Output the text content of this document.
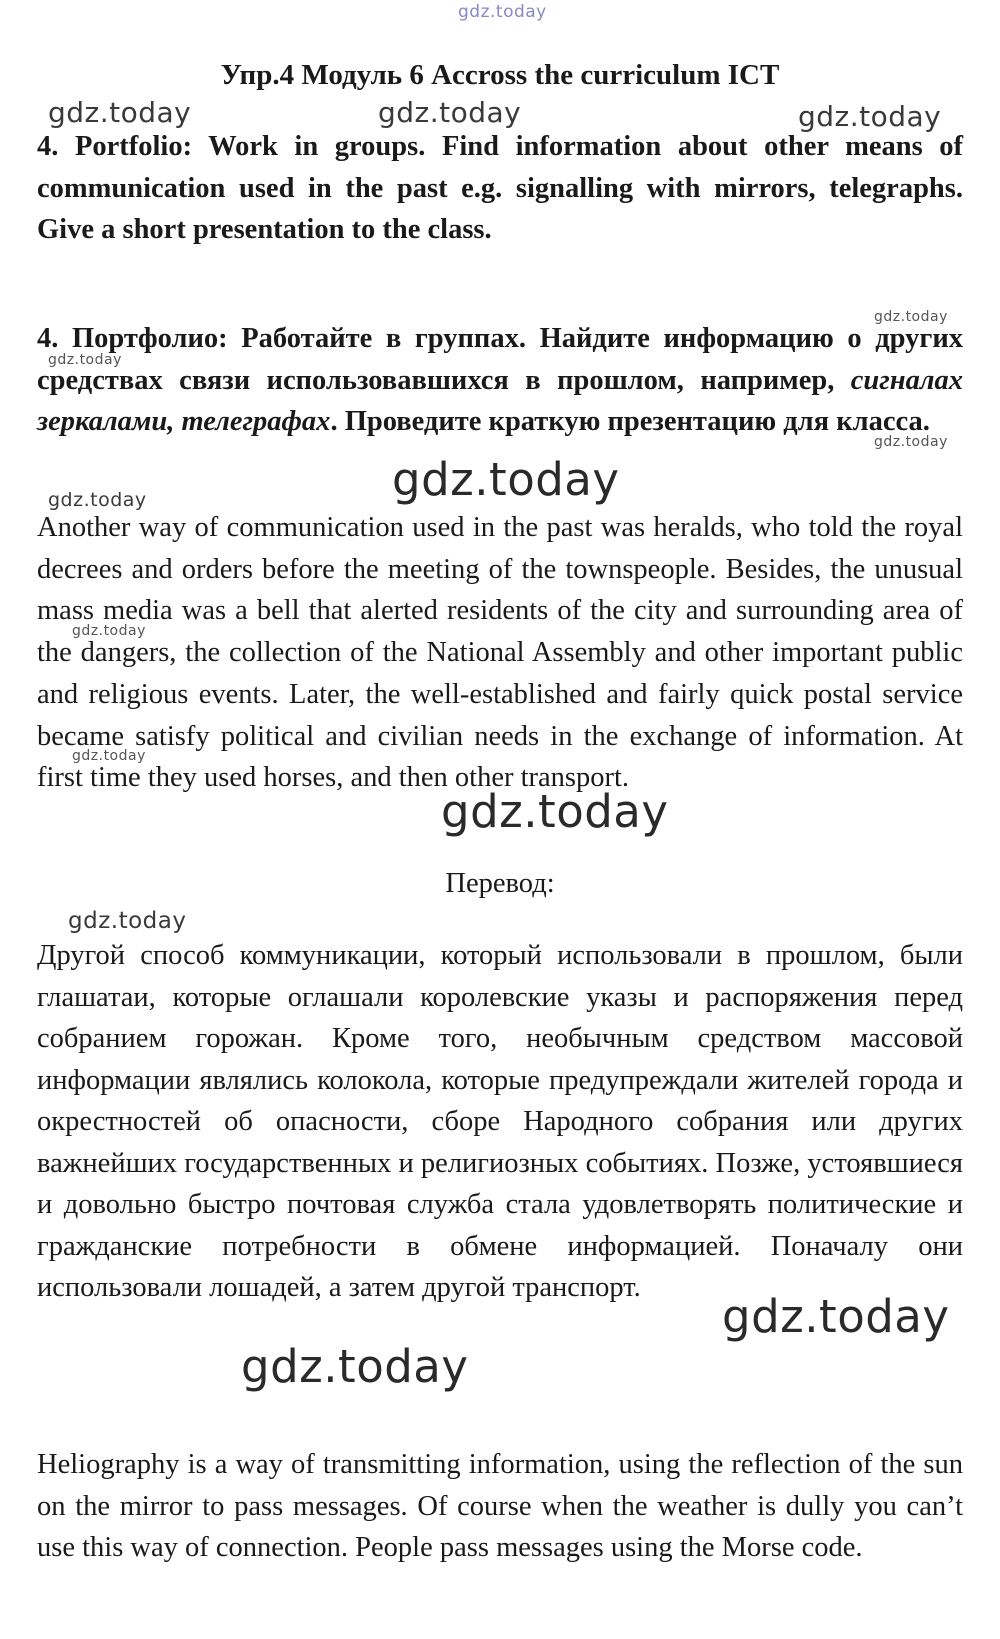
Упр.4 Модуль 6 Accross the curriculum ICT
4. Portfolio: Work in groups. Find information about other means of communication used in the past e.g. signalling with mirrors, telegraphs. Give a short presentation to the class.
4. Портфолио: Работайте в группах. Найдите информацию о других средствах связи использовавшихся в прошлом, например, сигналах зеркалами, телеграфах. Проведите краткую презентацию для класса.
Another way of communication used in the past was heralds, who told the royal decrees and orders before the meeting of the townspeople. Besides, the unusual mass media was a bell that alerted residents of the city and surrounding area of the dangers, the collection of the National Assembly and other important public and religious events. Later, the well-established and fairly quick postal service became satisfy political and civilian needs in the exchange of information. At first time they used horses, and then other transport.
Перевод:
Другой способ коммуникации, который использовали в прошлом, были глашатаи, которые оглашали королевские указы и распоряжения перед собранием горожан. Кроме того, необычным средством массовой информации являлись колокола, которые предупреждали жителей города и окрестностей об опасности, сборе Народного собрания или других важнейших государственных и религиозных событиях. Позже, устоявшиеся и довольно быстро почтовая служба стала удовлетворять политические и гражданские потребности в обмене информацией. Поначалу они использовали лошадей, а затем другой транспорт.
Heliography is a way of transmitting information, using the reflection of the sun on the mirror to pass messages. Of course when the weather is dully you can’t use this way of connection. People pass messages using the Morse code.
gdz.today
gdz.today	gdz.today	gdz.today
gdz.today
gdz.today
gdz.today
gdz.today
gdz.today
gdz.today
gdz.today
gdz.today
gdz.today
gdz.today
gdz.today
